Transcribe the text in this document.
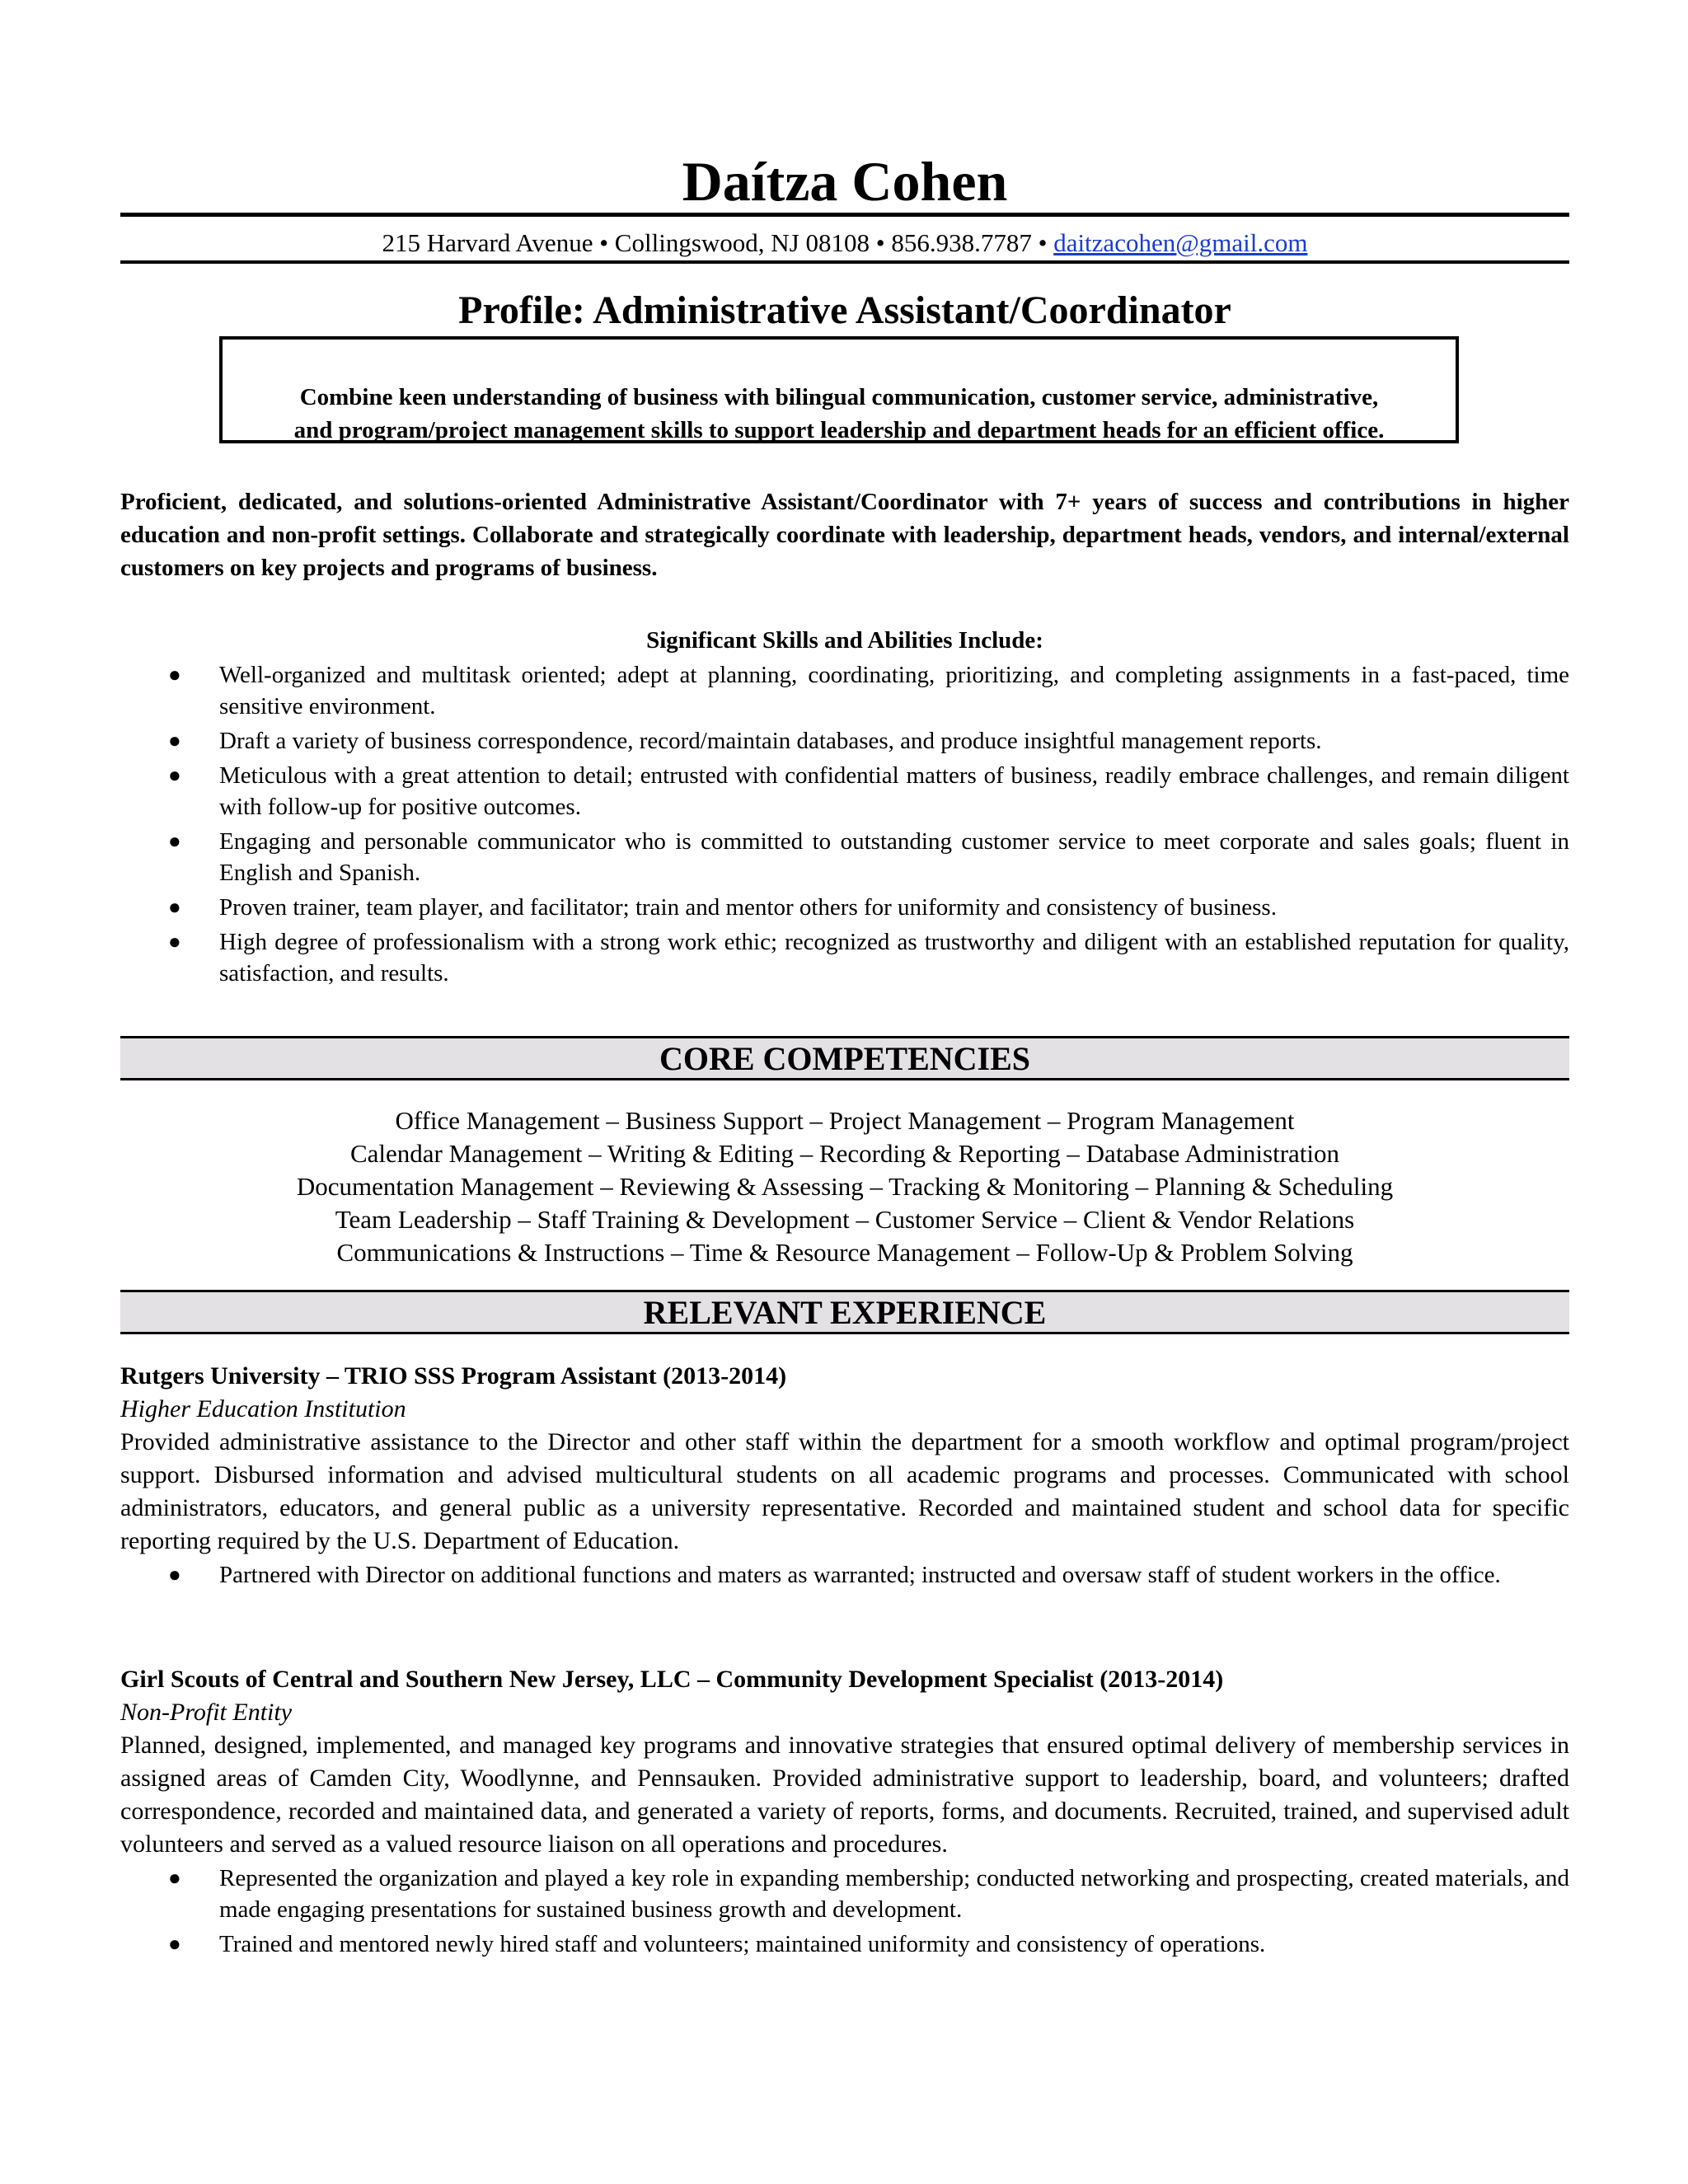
Daítza Cohen
215 Harvard Avenue • Collingswood, NJ 08108 • 856.938.7787 • daitzacohen@gmail.com
Profile: Administrative Assistant/Coordinator

Combine keen understanding of business with bilingual communication, customer service, administrative,
and program/project management skills to support leadership and department heads for an efficient office.

Proficient, dedicated, and solutions-oriented Administrative Assistant/Coordinator with 7+ years of success and contributions in higher education and non-profit settings. Collaborate and strategically coordinate with leadership, department heads, vendors, and internal/external customers on key projects and programs of business.

Significant Skills and Abilities Include:
● Well-organized and multitask oriented; adept at planning, coordinating, prioritizing, and completing assignments in a fast-paced, time sensitive environment.
● Draft a variety of business correspondence, record/maintain databases, and produce insightful management reports.
● Meticulous with a great attention to detail; entrusted with confidential matters of business, readily embrace challenges, and remain diligent with follow-up for positive outcomes.
● Engaging and personable communicator who is committed to outstanding customer service to meet corporate and sales goals; fluent in English and Spanish.
● Proven trainer, team player, and facilitator; train and mentor others for uniformity and consistency of business.
● High degree of professionalism with a strong work ethic; recognized as trustworthy and diligent with an established reputation for quality, satisfaction, and results.
CORE COMPETENCIES
Office Management – Business Support – Project Management – Program Management
Calendar Management – Writing & Editing – Recording & Reporting – Database Administration
Documentation Management – Reviewing & Assessing – Tracking & Monitoring – Planning & Scheduling
Team Leadership – Staff Training & Development – Customer Service – Client & Vendor Relations
Communications & Instructions – Time & Resource Management – Follow-Up & Problem Solving
RELEVANT EXPERIENCE
Rutgers University – TRIO SSS Program Assistant (2013-2014)
Higher Education Institution

Provided administrative assistance to the Director and other staff within the department for a smooth workflow and optimal program/project support. Disbursed information and advised multicultural students on all academic programs and processes. Communicated with school administrators, educators, and general public as a university representative. Recorded and maintained student and school data for specific reporting required by the U.S. Department of Education.

● Partnered with Director on additional functions and maters as warranted; instructed and oversaw staff of student workers in the office.
Girl Scouts of Central and Southern New Jersey, LLC – Community Development Specialist (2013-2014)
Non-Profit Entity

Planned, designed, implemented, and managed key programs and innovative strategies that ensured optimal delivery of membership services in assigned areas of Camden City, Woodlynne, and Pennsauken. Provided administrative support to leadership, board, and volunteers; drafted correspondence, recorded and maintained data, and generated a variety of reports, forms, and documents. Recruited, trained, and supervised adult volunteers and served as a valued resource liaison on all operations and procedures.

● Represented the organization and played a key role in expanding membership; conducted networking and prospecting, created materials, and made engaging presentations for sustained business growth and development.
● Trained and mentored newly hired staff and volunteers; maintained uniformity and consistency of operations.
